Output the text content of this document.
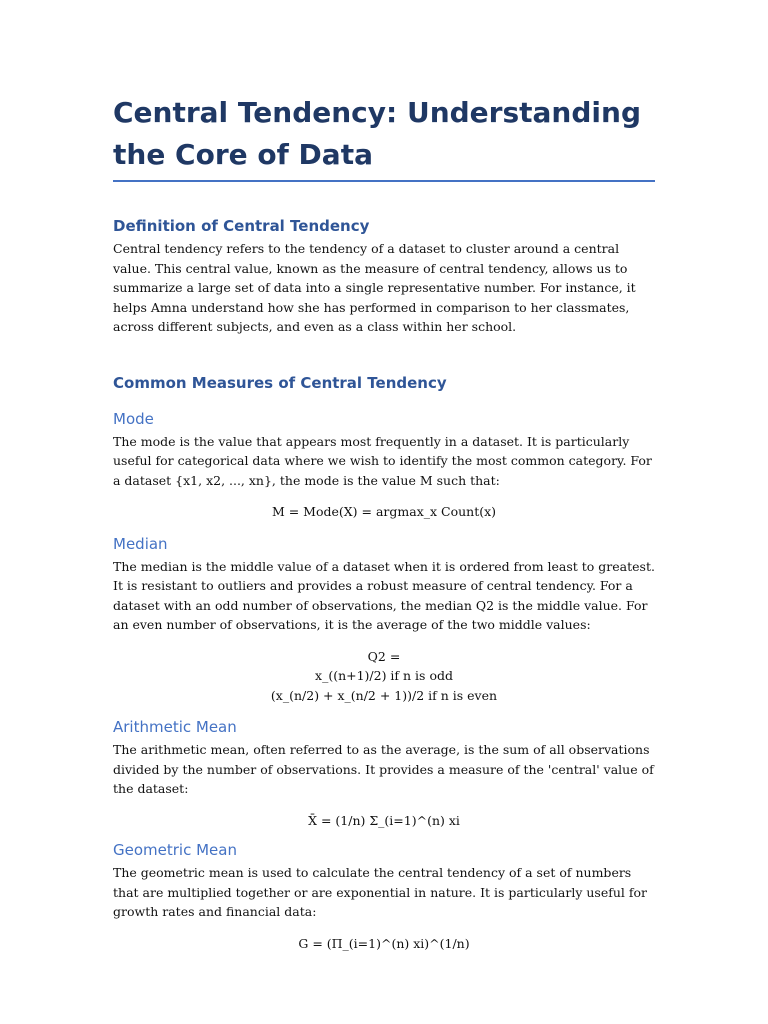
Central Tendency: Understanding the Core of Data
Definition of Central Tendency

Central tendency refers to the tendency of a dataset to cluster around a central value. This central value, known as the measure of central tendency, allows us to summarize a large set of data into a single representative number. For instance, it helps Amna understand how she has performed in comparison to her classmates, across different subjects, and even as a class within her school.

Common Measures of Central Tendency
Mode

The mode is the value that appears most frequently in a dataset. It is particularly useful for categorical data where we wish to identify the most common category. For a dataset {x1, x2, ..., xn}, the mode is the value M such that:

M = Mode(X) = argmax_x Count(x)
Median

The median is the middle value of a dataset when it is ordered from least to greatest. It is resistant to outliers and provides a robust measure of central tendency. For a dataset with an odd number of observations, the median Q2 is the middle value. For an even number of observations, it is the average of the two middle values:

Q2 =
x_((n+1)/2) if n is odd
(x_(n/2) + x_(n/2 + 1))/2 if n is even
Arithmetic Mean

The arithmetic mean, often referred to as the average, is the sum of all observations divided by the number of observations. It provides a measure of the 'central' value of the dataset:

X̄ = (1/n) Σ_(i=1)^(n) xi
Geometric Mean

The geometric mean is used to calculate the central tendency of a set of numbers that are multiplied together or are exponential in nature. It is particularly useful for growth rates and financial data:

G = (Π_(i=1)^(n) xi)^(1/n)
